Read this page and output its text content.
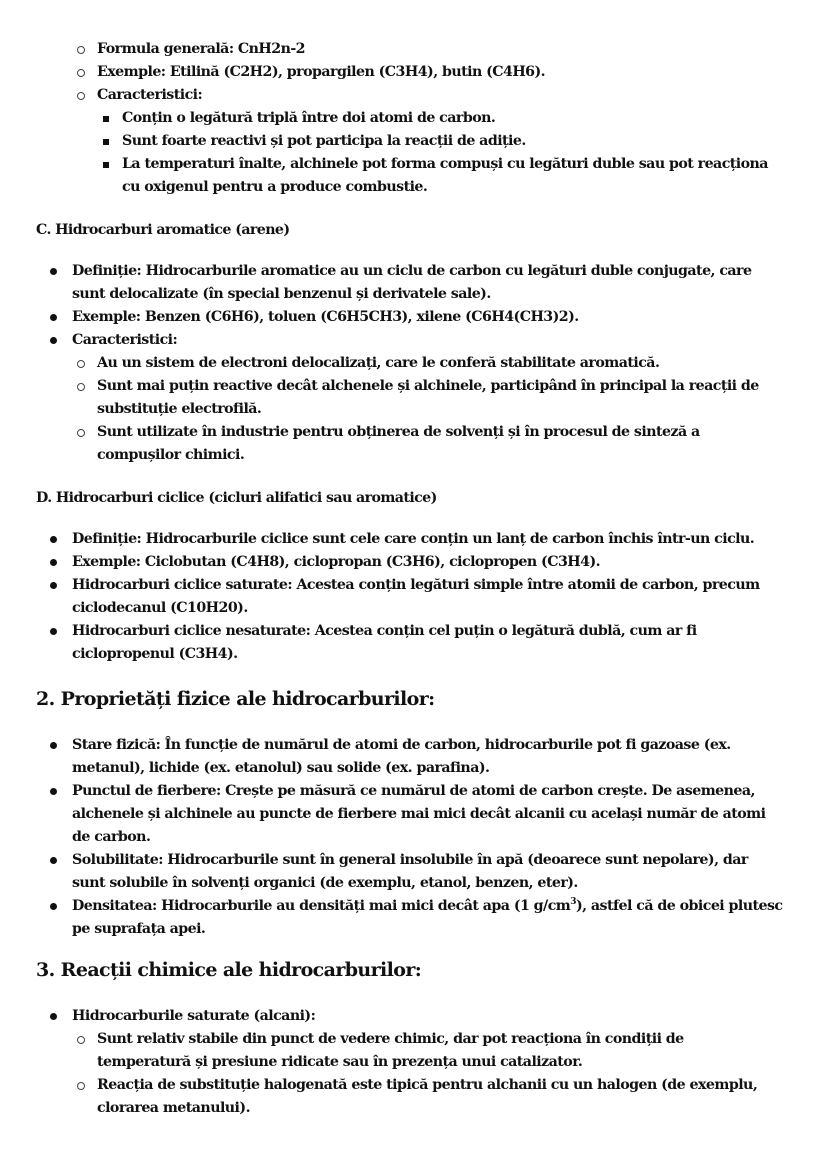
Formula generală: CnH2n-2
Exemple: Etilină (C2H2), propargilen (C3H4), butin (C4H6).
Caracteristici:
Conțin o legătură triplă între doi atomi de carbon.
Sunt foarte reactivi și pot participa la reacții de adiție.
La temperaturi înalte, alchinele pot forma compuși cu legături duble sau pot reacționa
cu oxigenul pentru a produce combustie.
C. Hidrocarburi aromatice (arene)
Definiție: Hidrocarburile aromatice au un ciclu de carbon cu legături duble conjugate, care
sunt delocalizate (în special benzenul și derivatele sale).
Exemple: Benzen (C6H6), toluen (C6H5CH3), xilene (C6H4(CH3)2).
Caracteristici:
Au un sistem de electroni delocalizați, care le conferă stabilitate aromatică.
Sunt mai puțin reactive decât alchenele și alchinele, participând în principal la reacții de
substituție electrofilă.
Sunt utilizate în industrie pentru obținerea de solvenți și în procesul de sinteză a
compușilor chimici.
D. Hidrocarburi ciclice (cicluri alifatici sau aromatice)
Definiție: Hidrocarburile ciclice sunt cele care conțin un lanț de carbon închis într-un ciclu.
Exemple: Ciclobutan (C4H8), ciclopropan (C3H6), ciclopropen (C3H4).
Hidrocarburi ciclice saturate: Acestea conțin legături simple între atomii de carbon, precum
ciclodecanul (C10H20).
Hidrocarburi ciclice nesaturate: Acestea conțin cel puțin o legătură dublă, cum ar fi
ciclopropenul (C3H4).
2. Proprietăți fizice ale hidrocarburilor:
Stare fizică: În funcție de numărul de atomi de carbon, hidrocarburile pot fi gazoase (ex.
metanul), lichide (ex. etanolul) sau solide (ex. parafina).
Punctul de fierbere: Crește pe măsură ce numărul de atomi de carbon crește. De asemenea,
alchenele și alchinele au puncte de fierbere mai mici decât alcanii cu același număr de atomi
de carbon.
Solubilitate: Hidrocarburile sunt în general insolubile în apă (deoarece sunt nepolare), dar
sunt solubile în solvenți organici (de exemplu, etanol, benzen, eter).
Densitatea: Hidrocarburile au densități mai mici decât apa (1 $g/cm^3$), astfel că de obicei plutesc
pe suprafața apei.
3. Reacții chimice ale hidrocarburilor:
Hidrocarburile saturate (alcani):
Sunt relativ stabile din punct de vedere chimic, dar pot reacționa în condiții de
temperatură și presiune ridicate sau în prezența unui catalizator.
Reacția de substituție halogenată este tipică pentru alchanii cu un halogen (de exemplu,
clorarea metanului).
